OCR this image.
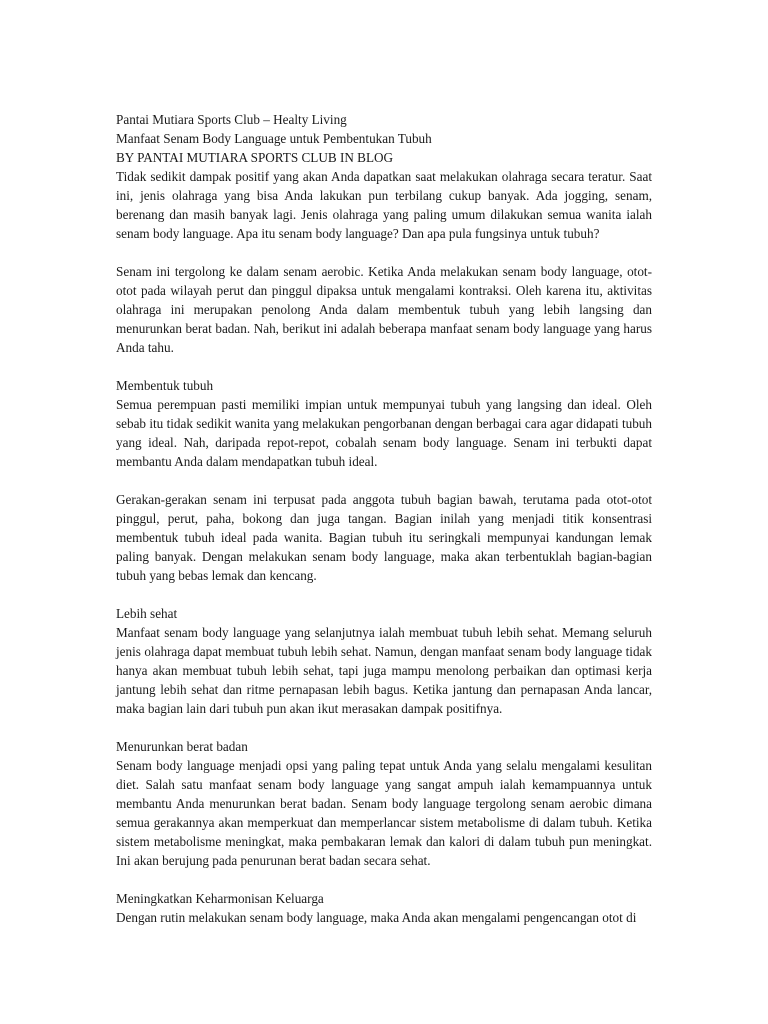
Pantai Mutiara Sports Club – Healty Living

Manfaat Senam Body Language untuk Pembentukan Tubuh

BY PANTAI MUTIARA SPORTS CLUB IN BLOG

Tidak sedikit dampak positif yang akan Anda dapatkan saat melakukan olahraga secara teratur. Saat ini, jenis olahraga yang bisa Anda lakukan pun terbilang cukup banyak. Ada jogging, senam, berenang dan masih banyak lagi. Jenis olahraga yang paling umum dilakukan semua wanita ialah senam body language. Apa itu senam body language? Dan apa pula fungsinya untuk tubuh?

Senam ini tergolong ke dalam senam aerobic. Ketika Anda melakukan senam body language, otot-otot pada wilayah perut dan pinggul dipaksa untuk mengalami kontraksi. Oleh karena itu, aktivitas olahraga ini merupakan penolong Anda dalam membentuk tubuh yang lebih langsing dan menurunkan berat badan. Nah, berikut ini adalah beberapa manfaat senam body language yang harus Anda tahu.

Membentuk tubuh

Semua perempuan pasti memiliki impian untuk mempunyai tubuh yang langsing dan ideal. Oleh sebab itu tidak sedikit wanita yang melakukan pengorbanan dengan berbagai cara agar didapati tubuh yang ideal. Nah, daripada repot-repot, cobalah senam body language. Senam ini terbukti dapat membantu Anda dalam mendapatkan tubuh ideal.

Gerakan-gerakan senam ini terpusat pada anggota tubuh bagian bawah, terutama pada otot-otot pinggul, perut, paha, bokong dan juga tangan. Bagian inilah yang menjadi titik konsentrasi membentuk tubuh ideal pada wanita. Bagian tubuh itu seringkali mempunyai kandungan lemak paling banyak. Dengan melakukan senam body language, maka akan terbentuklah bagian-bagian tubuh yang bebas lemak dan kencang.

Lebih sehat

Manfaat senam body language yang selanjutnya ialah membuat tubuh lebih sehat. Memang seluruh jenis olahraga dapat membuat tubuh lebih sehat. Namun, dengan manfaat senam body language tidak hanya akan membuat tubuh lebih sehat, tapi juga mampu menolong perbaikan dan optimasi kerja jantung lebih sehat dan ritme pernapasan lebih bagus. Ketika jantung dan pernapasan Anda lancar, maka bagian lain dari tubuh pun akan ikut merasakan dampak positifnya.

Menurunkan berat badan

Senam body language menjadi opsi yang paling tepat untuk Anda yang selalu mengalami kesulitan diet. Salah satu manfaat senam body language yang sangat ampuh ialah kemampuannya untuk membantu Anda menurunkan berat badan. Senam body language tergolong senam aerobic dimana semua gerakannya akan memperkuat dan memperlancar sistem metabolisme di dalam tubuh. Ketika sistem metabolisme meningkat, maka pembakaran lemak dan kalori di dalam tubuh pun meningkat. Ini akan berujung pada penurunan berat badan secara sehat.

Meningkatkan Keharmonisan Keluarga

Dengan rutin melakukan senam body language, maka Anda akan mengalami pengencangan otot di
